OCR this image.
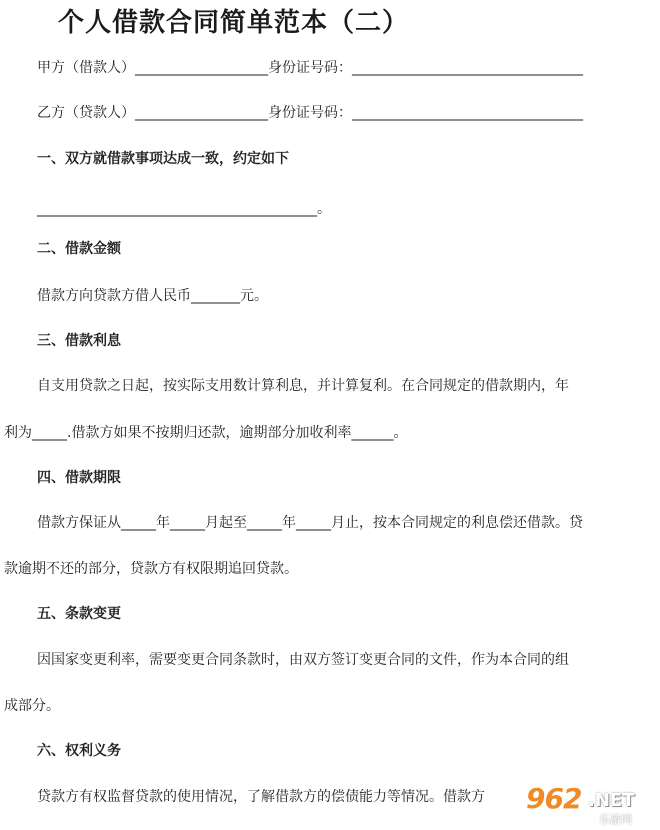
个人借款合同简单范本（二）
甲方（借款人）___________________身份证号码：_________________________________
乙方（贷款人）___________________身份证号码：_________________________________
一、双方就借款事项达成一致，约定如下
________________________________________。
二、借款金额
借款方向贷款方借人民币_______元。
三、借款利息
自支用贷款之日起，按实际支用数计算利息，并计算复利。在合同规定的借款期内，年
利为_____.借款方如果不按期归还款，逾期部分加收利率______。
四、借款期限
借款方保证从_____年_____月起至_____年_____月止，按本合同规定的利息偿还借款。贷
款逾期不还的部分，贷款方有权限期追回贷款。
五、条款变更
因国家变更利率，需要变更合同条款时，由双方签订变更合同的文件，作为本合同的组
成部分。
六、权利义务
贷款方有权监督贷款的使用情况，了解借款方的偿债能力等情况。借款方 962 .NET
乐游网
